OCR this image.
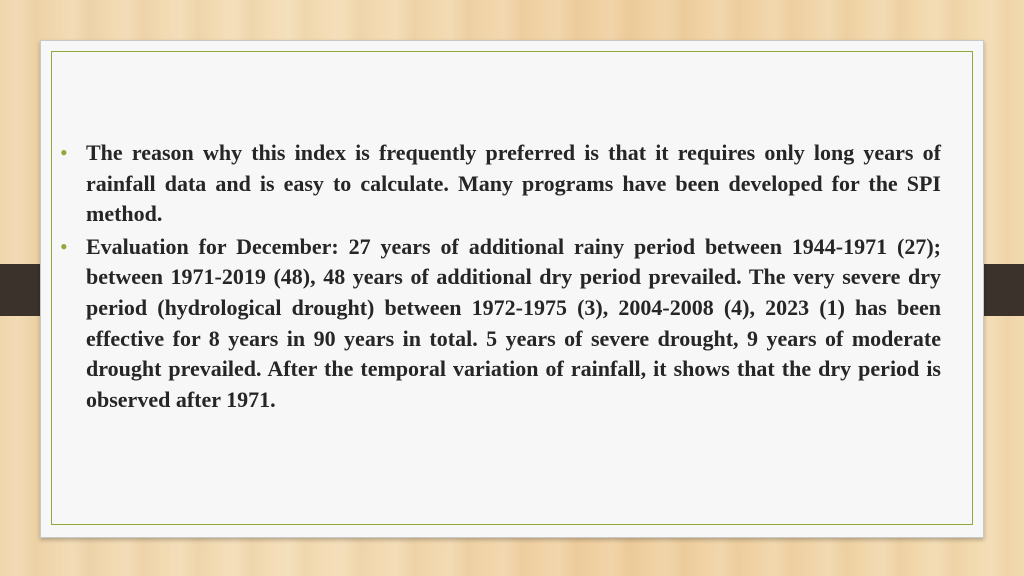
• The reason why this index is frequently preferred is that it requires only long years of rainfall data and is easy to calculate. Many programs have been developed for the SPI method.

• Evaluation for December: 27 years of additional rainy period between 1944-1971 (27); between 1971-2019 (48), 48 years of additional dry period prevailed. The very severe dry period (hydrological drought) between 1972-1975 (3), 2004-2008 (4), 2023 (1) has been effective for 8 years in 90 years in total. 5 years of severe drought, 9 years of moderate drought prevailed. After the temporal variation of rainfall, it shows that the dry period is observed after 1971.
